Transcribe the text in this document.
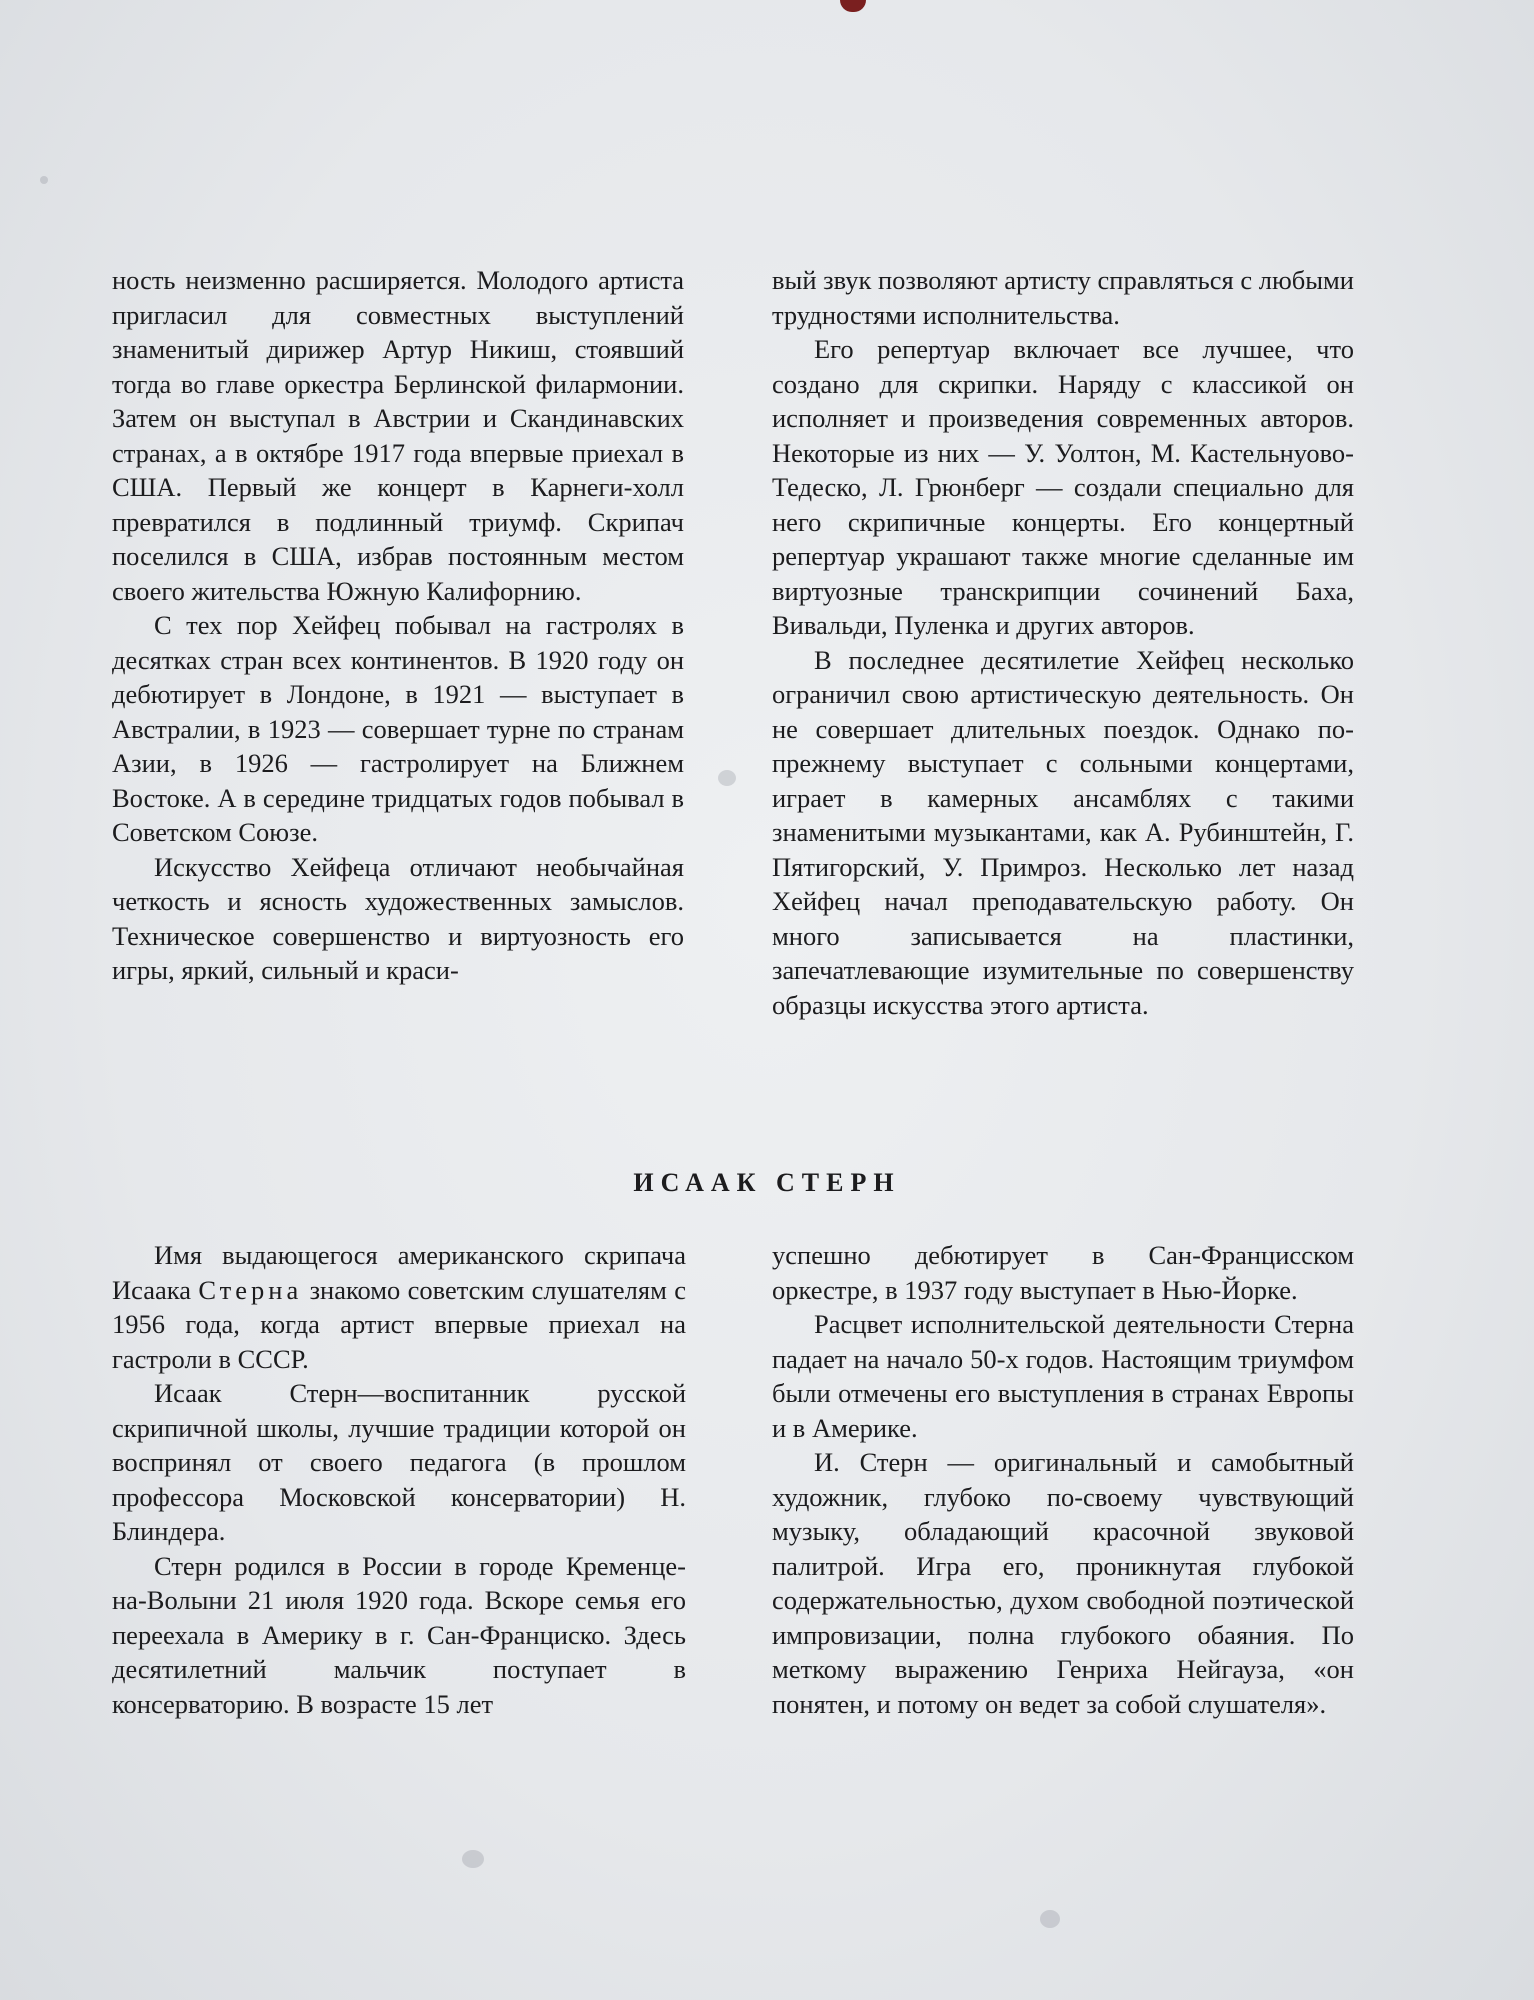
ность неизменно расширяется. Молодого артиста пригласил для совместных выступлений знаменитый дирижер Артур Никиш, стоявший тогда во главе оркестра Берлинской филармонии. Затем он выступал в Австрии и Скандинавских странах, а в октябре 1917 года впервые приехал в США. Первый же концерт в Карнеги-холл превратился в подлинный триумф. Скрипач поселился в США, избрав постоянным местом своего жительства Южную Калифорнию.

С тех пор Хейфец побывал на гастролях в десятках стран всех континентов. В 1920 году он дебютирует в Лондоне, в 1921 — выступает в Австралии, в 1923 — совершает турне по странам Азии, в 1926 — гастролирует на Ближнем Востоке. А в середине тридцатых годов побывал в Советском Союзе.

Искусство Хейфеца отличают необычайная четкость и ясность художественных замыслов. Техническое совершенство и виртуозность его игры, яркий, сильный и краси-

вый звук позволяют артисту справляться с любыми трудностями исполнительства.

Его репертуар включает все лучшее, что создано для скрипки. Наряду с классикой он исполняет и произведения современных авторов. Некоторые из них — У. Уолтон, М. Кастельнуово-Тедеско, Л. Грюнберг — создали специально для него скрипичные концерты. Его концертный репертуар украшают также многие сделанные им виртуозные транскрипции сочинений Баха, Вивальди, Пуленка и других авторов.

В последнее десятилетие Хейфец несколько ограничил свою артистическую деятельность. Он не совершает длительных поездок. Однако по-прежнему выступает с сольными концертами, играет в камерных ансамблях с такими знаменитыми музыкантами, как А. Рубинштейн, Г. Пятигорский, У. Примроз. Несколько лет назад Хейфец начал преподавательскую работу. Он много записывается на пластинки, запечатлевающие изумительные по совершенству образцы искусства этого артиста.

ИСААК СТЕРН

Имя выдающегося американского скрипача Исаака Стерна знакомо советским слушателям с 1956 года, когда артист впервые приехал на гастроли в СССР.

Исаак Стерн—воспитанник русской скрипичной школы, лучшие традиции которой он воспринял от своего педагога (в прошлом профессора Московской консерватории) Н. Блиндера.

Стерн родился в России в городе Кременце-на-Волыни 21 июля 1920 года. Вскоре семья его переехала в Америку в г. Сан-Франциско. Здесь десятилетний мальчик поступает в консерваторию. В возрасте 15 лет

успешно дебютирует в Сан-Францисском оркестре, в 1937 году выступает в Нью-Йорке.

Расцвет исполнительской деятельности Стерна падает на начало 50-х годов. Настоящим триумфом были отмечены его выступления в странах Европы и в Америке.

И. Стерн — оригинальный и самобытный художник, глубоко по-своему чувствующий музыку, обладающий красочной звуковой палитрой. Игра его, проникнутая глубокой содержательностью, духом свободной поэтической импровизации, полна глубокого обаяния. По меткому выражению Генриха Нейгауза, «он понятен, и потому он ведет за собой слушателя».
